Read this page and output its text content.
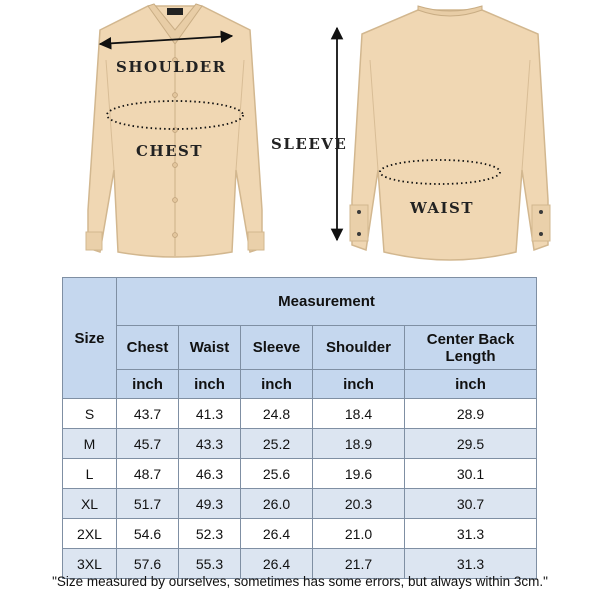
SHOULDER
CHEST	SLEEVE
WAIST
Size	Measurement				
	Chest	Waist	Sleeve	Shoulder	Center Back Length
	inch	inch	inch	inch	inch
S	43.7	41.3	24.8	18.4	28.9
M	45.7	43.3	25.2	18.9	29.5
L	48.7	46.3	25.6	19.6	30.1
XL	51.7	49.3	26.0	20.3	30.7
2XL	54.6	52.3	26.4	21.0	31.3
3XL	57.6	55.3	26.4	21.7	31.3
"Size measured by ourselves, sometimes has some errors, but always within 3cm."
